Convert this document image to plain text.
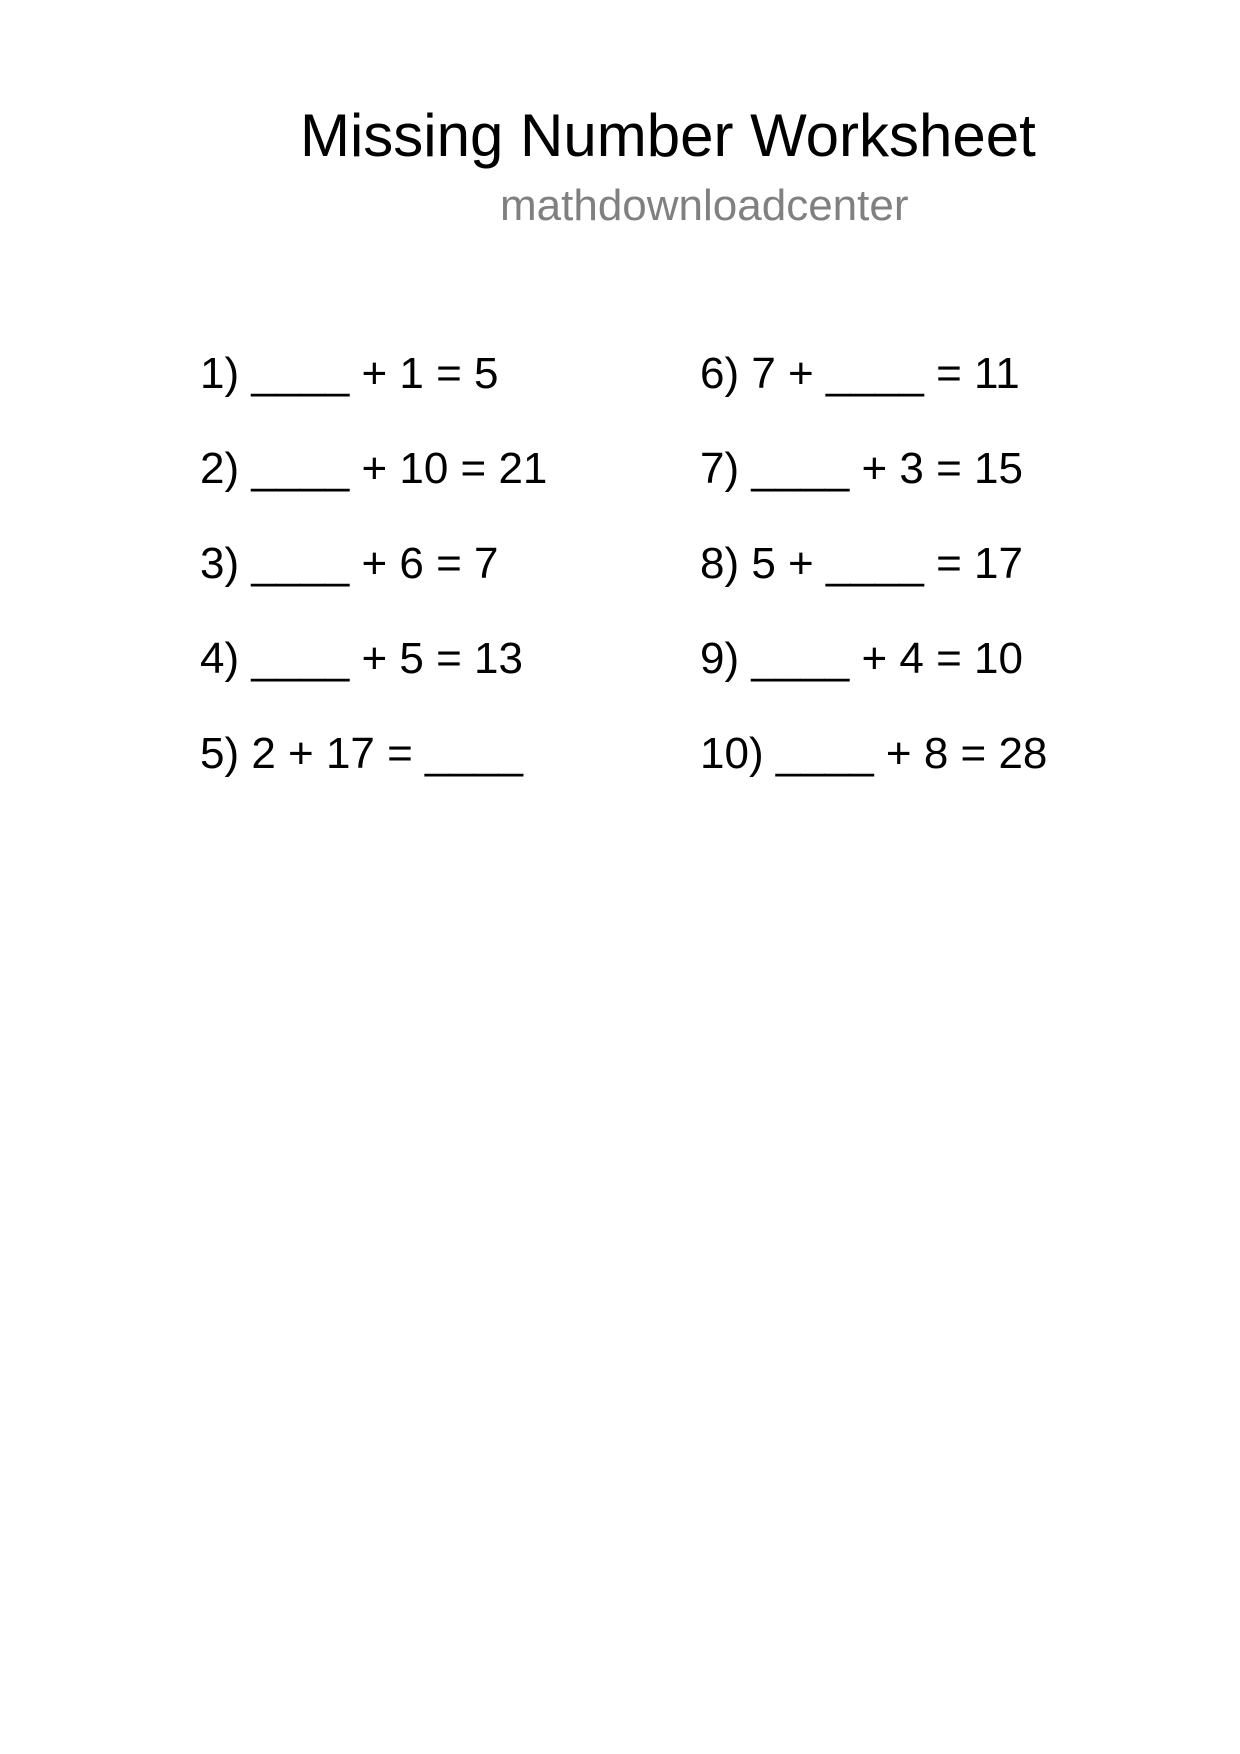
Missing Number Worksheet
mathdownloadcenter
1) ____ + 1 = 5
2) ____ + 10 = 21
3) ____ + 6 = 7
4) ____ + 5 = 13
5) 2 + 17 = ____
6) 7 + ____ = 11
7) ____ + 3 = 15
8) 5 + ____ = 17
9) ____ + 4 = 10
10) ____ + 8 = 28
